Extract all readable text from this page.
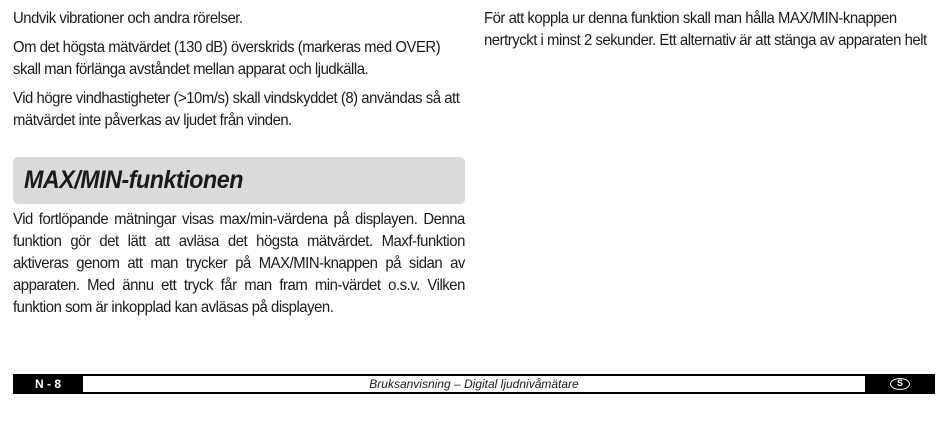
Undvik vibrationer och andra rörelser.

Om det högsta mätvärdet (130 dB) överskrids (markeras med OVER) skall man förlänga avståndet mellan apparat och ljudkälla.

Vid högre vindhastigheter (>10m/s) skall vindskyddet (8) användas så att mätvärdet inte påverkas av ljudet från vinden.

MAX/MIN-funktionen

Vid fortlöpande mätningar visas max/min-värdena på displayen. Denna funktion gör det lätt att avläsa det högsta mätvärdet. Maxf-funktion aktiveras genom att man trycker på MAX/MIN-knappen på sidan av apparaten. Med ännu ett tryck får man fram min-värdet o.s.v. Vilken funktion som är inkopplad kan avläsas på displayen.

För att koppla ur denna funktion skall man hålla MAX/MIN-knappen nertryckt i minst 2 sekunder. Ett alternativ är att stänga av apparaten helt

N - 8	Bruksanvisning – Digital ljudnivåmätare	S
